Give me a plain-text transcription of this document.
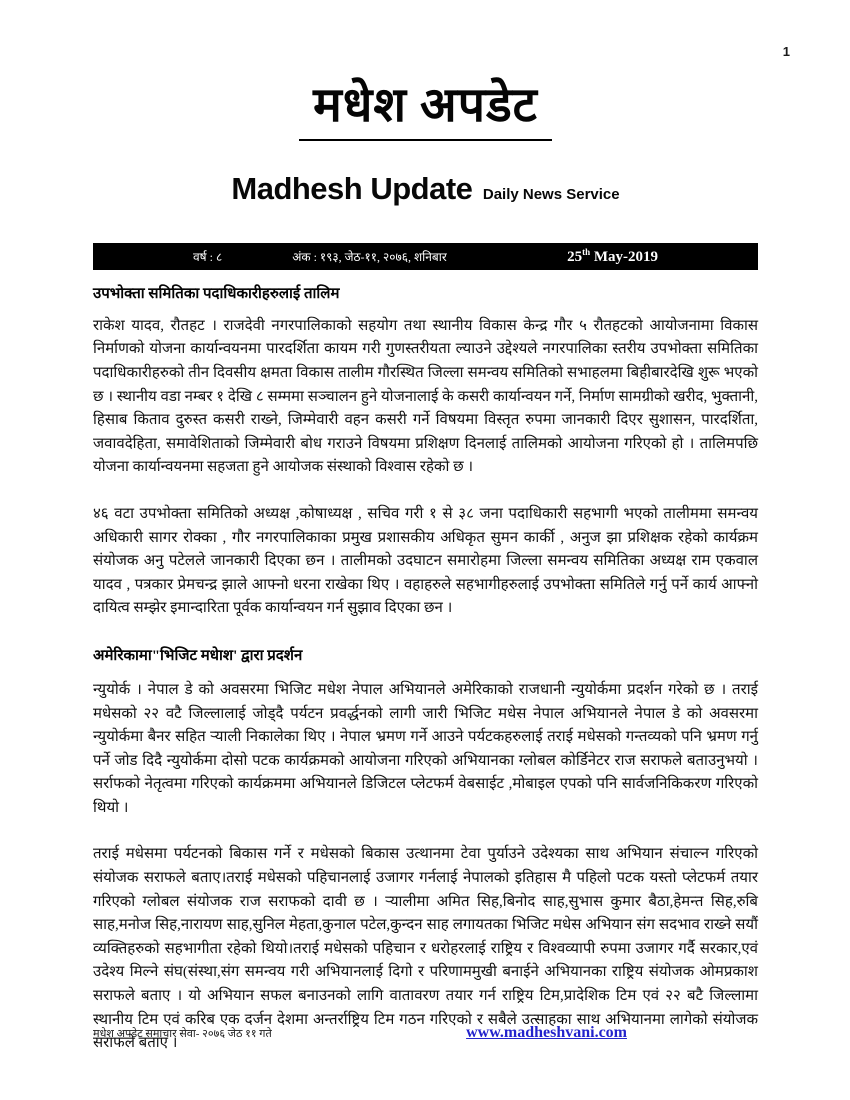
1
मधेश अपडेट
Madhesh Update Daily News Service
वर्ष : ८	अंक : १९३, जेठ-११, २०७६, शनिबार	25th May-2019
उपभोक्ता समितिका पदाधिकारीहरुलाई तालिम

राकेश यादव, रौतहट । राजदेवी नगरपालिकाको सहयोग तथा स्थानीय विकास केन्द्र गौर ५ रौतहटको आयोजनामा विकास निर्माणको योजना कार्यान्वयनमा पारदर्शिता कायम गरी गुणस्तरीयता ल्याउने उद्देश्यले नगरपालिका स्तरीय उपभोक्ता समितिका पदाधिकारीहरुको तीन दिवसीय क्षमता विकास तालीम गौरस्थित जिल्ला समन्वय समितिको सभाहलमा बिहीबारदेखि शुरू भएको छ । स्थानीय वडा नम्बर १ देखि ८ सम्ममा सञ्चालन हुने योजनालाई के कसरी कार्यान्वयन गर्ने, निर्माण सामग्रीको खरीद, भुक्तानी, हिसाब किताव दुरुस्त कसरी राख्ने, जिम्मेवारी वहन कसरी गर्ने विषयमा विस्तृत रुपमा जानकारी दिएर सुशासन, पारदर्शिता, जवावदेहिता, समावेशिताको जिम्मेवारी बोध गराउने विषयमा प्रशिक्षण दिनलाई तालिमको आयोजना गरिएको हो । तालिमपछि योजना कार्यान्वयनमा सहजता हुने आयोजक संस्थाको विश्वास रहेको छ ।

४६ वटा उपभोक्ता समितिको अध्यक्ष ,कोषाध्यक्ष , सचिव गरी १ से ३८ जना पदाधिकारी सहभागी भएको तालीममा समन्वय अधिकारी सागर रोक्का , गौर नगरपालिकाका प्रमुख प्रशासकीय अधिकृत सुमन कार्की , अनुज झा प्रशिक्षक रहेको कार्यक्रम संयोजक अनु पटेलले जानकारी दिएका छन । तालीमको उदघाटन समारोहमा जिल्ला समन्वय समितिका अध्यक्ष राम एकवाल यादव , पत्रकार प्रेमचन्द्र झाले आफ्नो धरना राखेका थिए । वहाहरुले सहभागीहरुलाई उपभोक्ता समितिले गर्नु पर्ने कार्य आफ्नो दायित्व सम्झेर इमान्दारिता पूर्वक कार्यान्वयन गर्न सुझाव दिएका छन ।

अमेरिकामा"भिजिट मधेाश' द्वारा प्रदर्शन

न्युयोर्क । नेपाल डे को अवसरमा भिजिट मधेश नेपाल अभियानले अमेरिकाको राजधानी न्युयोर्कमा प्रदर्शन गरेको छ । तराई मधेसको २२ वटै जिल्लालाई जोड्दै पर्यटन प्रवर्द्धनको लागी जारी भिजिट मधेस नेपाल अभियानले नेपाल डे को अवसरमा न्युयोर्कमा बैनर सहित ऱ्याली निकालेका थिए । नेपाल भ्रमण गर्ने आउने पर्यटकहरुलाई तराई मधेसको गन्तव्यको पनि भ्रमण गर्नु पर्ने जोड दिदै न्युयोर्कमा दोसो पटक कार्यक्रमको आयोजना गरिएको अभियानका ग्लोबल कोर्डिनेटर राज सराफले बताउनुभयो ।सर्राफको नेतृत्वमा गरिएको कार्यक्रममा अभियानले डिजिटल प्लेटफर्म वेबसाईट ,मोबाइल एपको पनि सार्वजनिकिकरण गरिएको थियो ।

तराई मधेसमा पर्यटनको बिकास गर्ने र मधेसको बिकास उत्थानमा टेवा पुर्याउने उदेश्यका साथ अभियान संचाल्न गरिएको संयोजक सराफले बताए।तराई मधेसको पहिचानलाई उजागर गर्नलाई नेपालको इतिहास मै पहिलो पटक यस्तो प्लेटफर्म तयार गरिएको ग्लोबल संयोजक राज सराफको दावी छ । ऱ्यालीमा अमित सिह,बिनोद साह,सुभास कुमार बैठा,हेमन्त सिह,रुबि साह,मनोज सिह,नारायण साह,सुनिल मेहता,कुनाल पटेल,कुन्दन साह लगायतका भिजिट मधेस अभियान संग सदभाव राख्ने सयौं व्यक्तिहरुको सहभागीता रहेको थियो।तराई मधेसको पहिचान र धरोहरलाई राष्ट्रिय र विश्वव्यापी रुपमा उजागर गर्दै सरकार,एवं उदेश्य मिल्ने संघ(संस्था,संग समन्वय गरी अभियानलाई दिगो र परिणाममुखी बनाईने अभियानका राष्ट्रिय संयोजक ओमप्रकाश सराफले बताए । यो अभियान सफल बनाउनको लागि वातावरण तयार गर्न राष्ट्रिय टिम,प्रादेशिक टिम एवं २२ बटै जिल्लामा स्थानीय टिम एवं करिब एक दर्जन देशमा अन्तर्राष्ट्रिय टिम गठन गरिएको र सबैले उत्साहका साथ अभियानमा लागेको संयोजक सराफले बताए ।

मधेश अपडेट समाचार सेवा- २०७६ जेठ ११ गते	www.madheshvani.com
